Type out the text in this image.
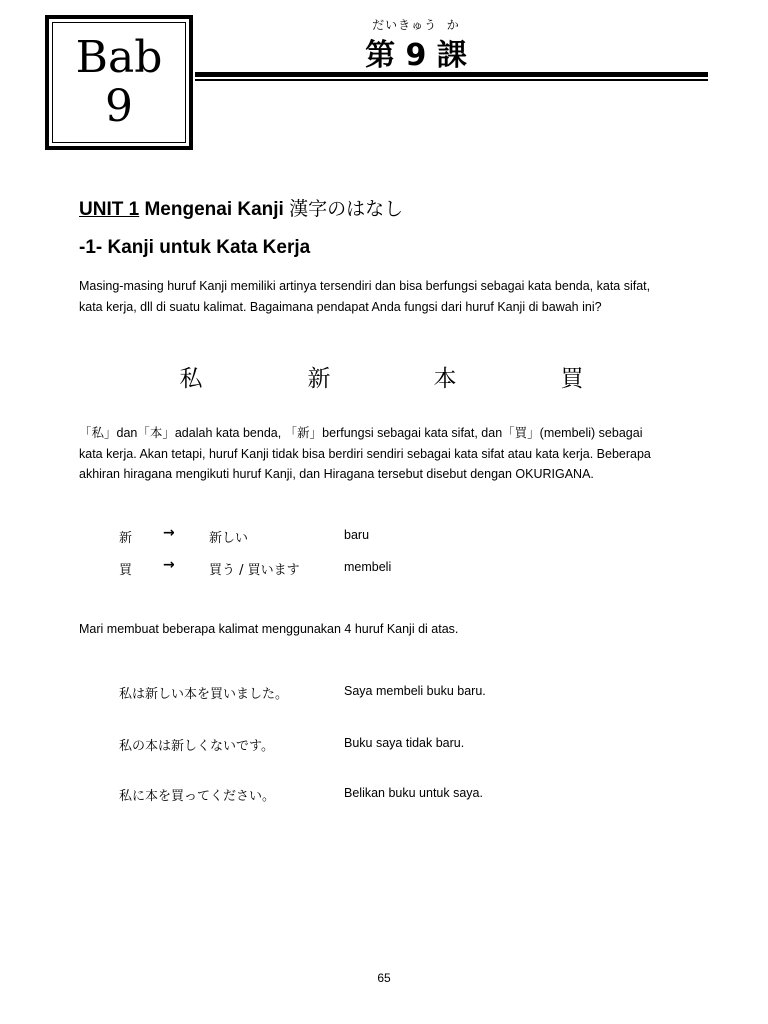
Bab
9
だいきゅう  か
第 9 課
UNIT 1 Mengenai Kanji 漢字のはなし
-1- Kanji untuk Kata Kerja
Masing-masing huruf Kanji memiliki artinya tersendiri dan bisa berfungsi sebagai kata benda, kata sifat,
kata kerja, dll di suatu kalimat. Bagaimana pendapat Anda fungsi dari huruf Kanji di bawah ini?
私	新	本	買
「私」dan「本」adalah kata benda, 「新」berfungsi sebagai kata sifat, dan「買」(membeli) sebagai
kata kerja. Akan tetapi, huruf Kanji tidak bisa berdiri sendiri sebagai kata sifat atau kata kerja. Beberapa
akhiran hiragana mengikuti huruf Kanji, dan Hiragana tersebut disebut dengan OKURIGANA.
新 →	新しい	baru
買 →	買う / 買います	membeli
Mari membuat beberapa kalimat menggunakan 4 huruf Kanji di atas.
私は新しい本を買いました。	Saya membeli buku baru.
私の本は新しくないです。	Buku saya tidak baru.
私に本を買ってください。	Belikan buku untuk saya.
65
